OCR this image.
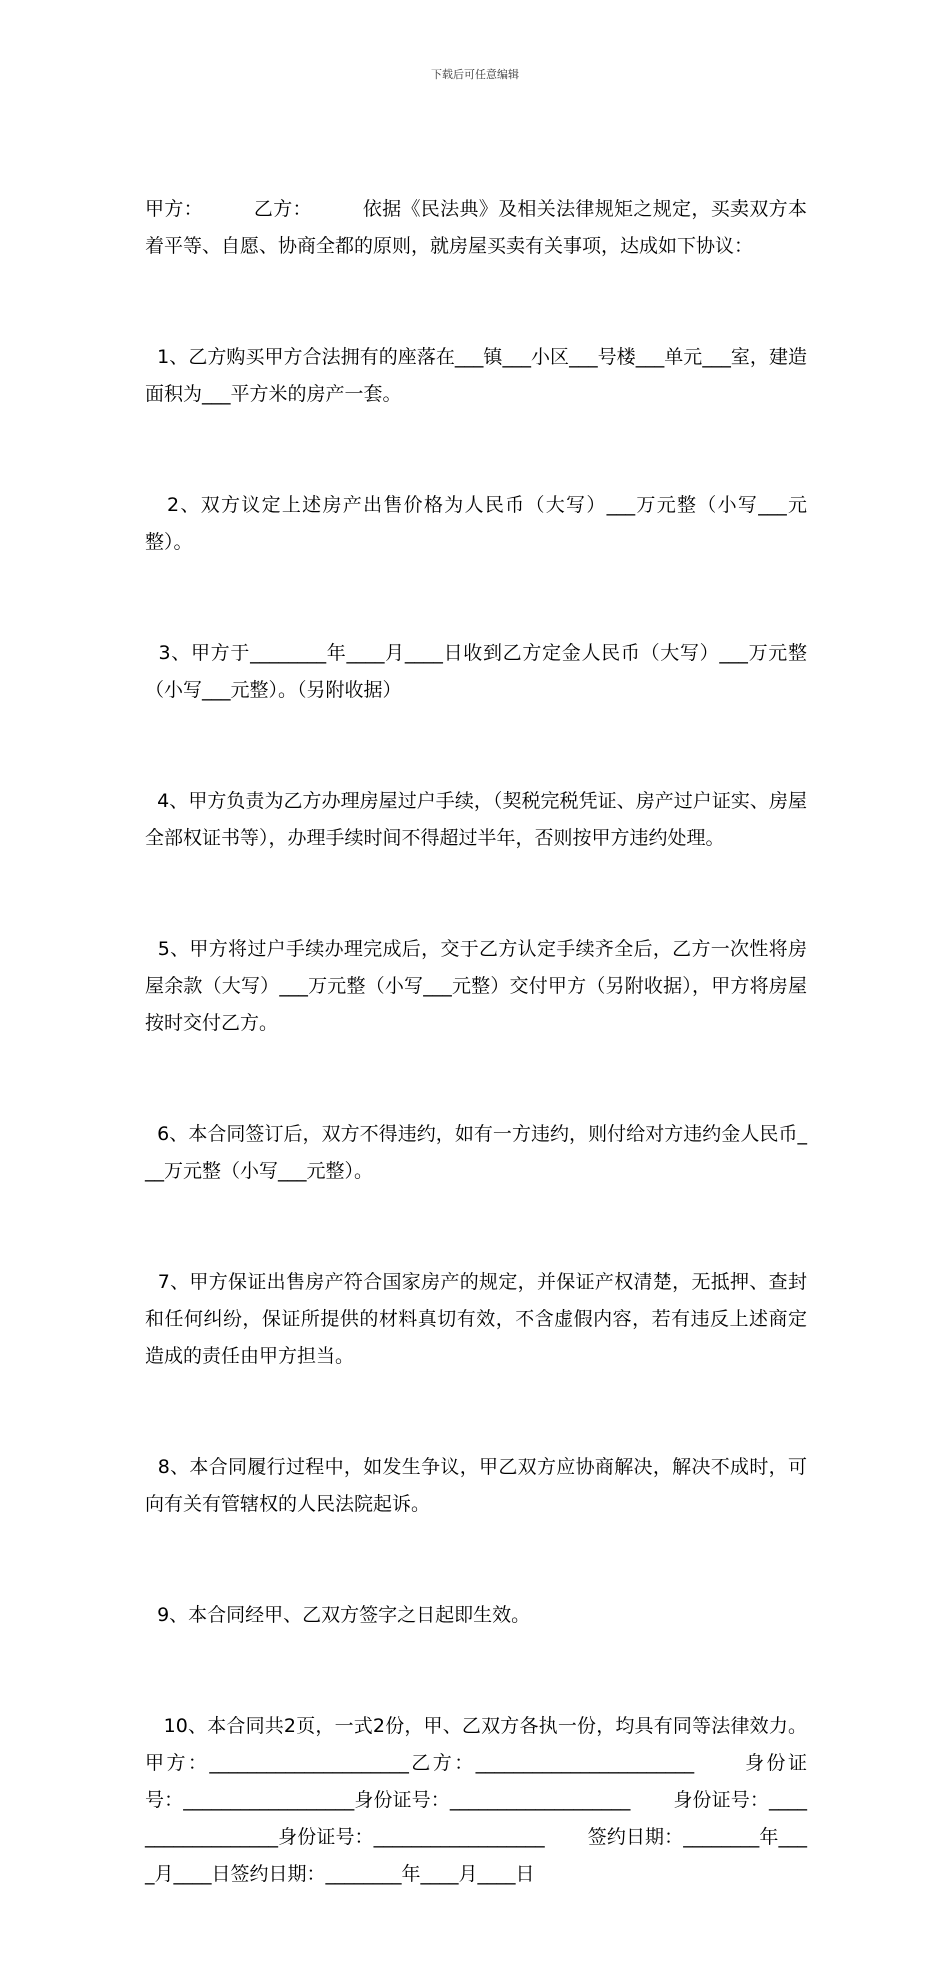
下载后可任意编辑

甲方：        乙方：        依据《民法典》及相关法律规矩之规定，买卖双方本着平等、自愿、协商全都的原则，就房屋买卖有关事项，达成如下协议：

1、乙方购买甲方合法拥有的座落在___镇___小区___号楼___单元___室，建造面积为___平方米的房产一套。

2、双方议定上述房产出售价格为人民币（大写）___万元整（小写___元整）。

3、甲方于________年____月____日收到乙方定金人民币（大写）___万元整（小写___元整）。（另附收据）

4、甲方负责为乙方办理房屋过户手续，（契税完税凭证、房产过户证实、房屋全部权证书等），办理手续时间不得超过半年，否则按甲方违约处理。

5、甲方将过户手续办理完成后，交于乙方认定手续齐全后，乙方一次性将房屋余款（大写）___万元整（小写___元整）交付甲方（另附收据），甲方将房屋按时交付乙方。

6、本合同签订后，双方不得违约，如有一方违约，则付给对方违约金人民币___万元整（小写___元整）。

7、甲方保证出售房产符合国家房产的规定，并保证产权清楚，无抵押、查封和任何纠纷，保证所提供的材料真切有效，不含虚假内容，若有违反上述商定造成的责任由甲方担当。

8、本合同履行过程中，如发生争议，甲乙双方应协商解决，解决不成时，可向有关有管辖权的人民法院起诉。

9、本合同经甲、乙双方签字之日起即生效。

10、本合同共2页，一式2份，甲、乙双方各执一份，均具有同等法律效力。      甲方：_____________________乙方：_______________________      身份证号：__________________身份证号：___________________       身份证号：__________________身份证号：__________________       签约日期：________年____月____日签约日期：________年____月____日
